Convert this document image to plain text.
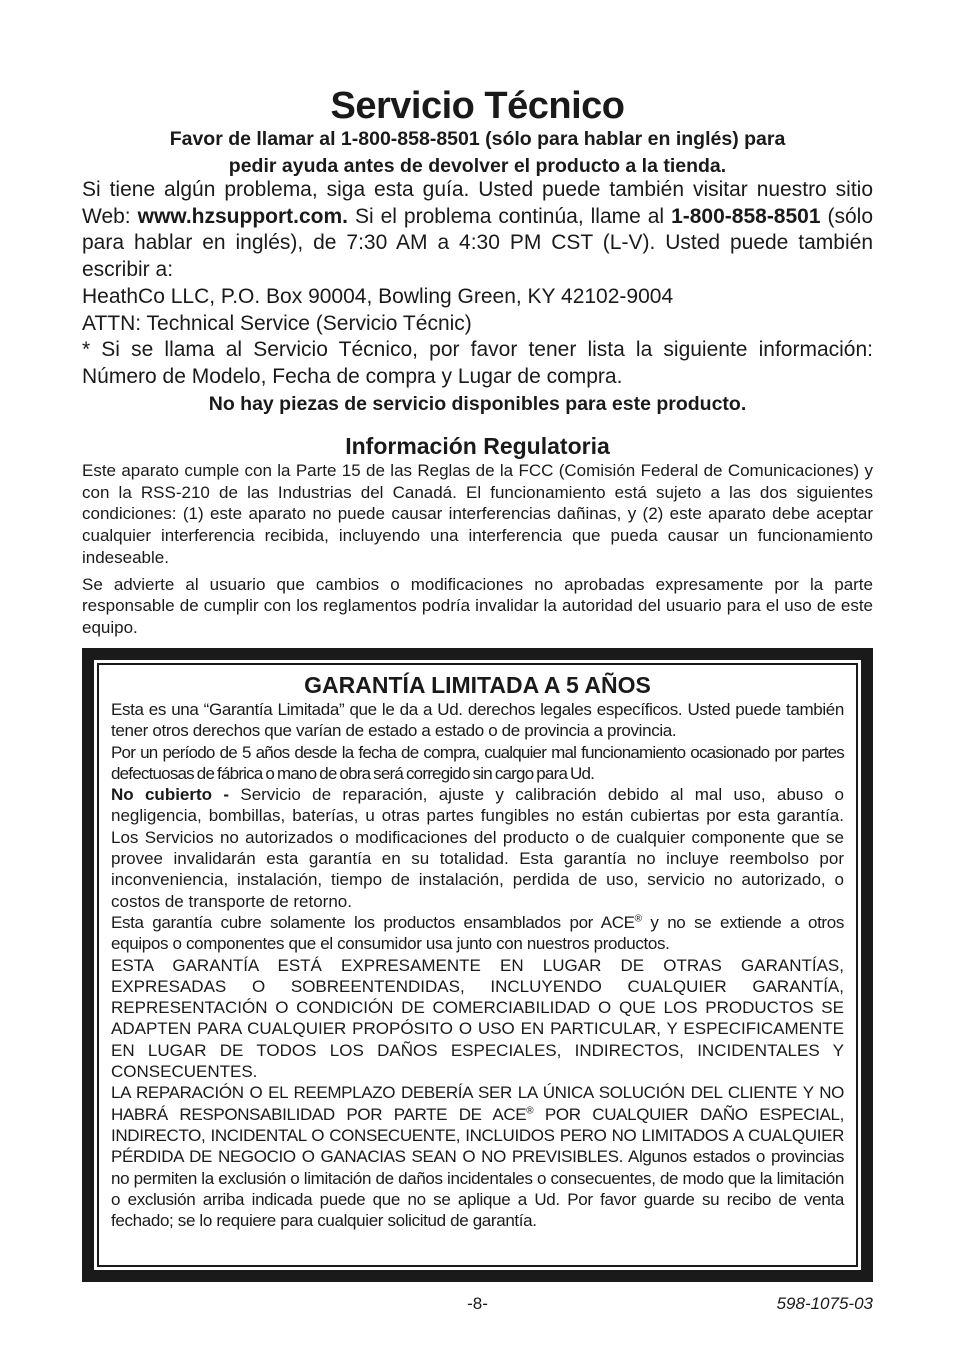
Servicio Técnico
Favor de llamar al 1-800-858-8501 (sólo para hablar en inglés) para
pedir ayuda antes de devolver el producto a la tienda.

Si tiene algún problema, siga esta guía. Usted puede también visitar nuestro sitio Web: www.hzsupport.com. Si el problema continúa, llame al 1-800-858-8501 (sólo para hablar en inglés), de 7:30 AM a 4:30 PM CST (L-V). Usted puede también escribir a:

HeathCo LLC, P.O. Box 90004, Bowling Green, KY 42102-9004

ATTN: Technical Service (Servicio Técnic)

* Si se llama al Servicio Técnico, por favor tener lista la siguiente información: Número de Modelo, Fecha de compra y Lugar de compra.

No hay piezas de servicio disponibles para este producto.
Información Regulatoria

Este aparato cumple con la Parte 15 de las Reglas de la FCC (Comisión Federal de Comunicaciones) y con la RSS-210 de las Industrias del Canadá. El funcionamiento está sujeto a las dos siguientes condiciones: (1) este aparato no puede causar interferencias dañinas, y (2) este aparato debe aceptar cualquier interferencia recibida, incluyendo una interferencia que pueda causar un funcionamiento indeseable.

Se advierte al usuario que cambios o modificaciones no aprobadas expresamente por la parte responsable de cumplir con los reglamentos podría invalidar la autoridad del usuario para el uso de este equipo.

GARANTÍA LIMITADA A 5 AÑOS

Esta es una “Garantía Limitada” que le da a Ud. derechos legales específicos. Usted puede también tener otros derechos que varían de estado a estado o de provincia a provincia.

Por un período de 5 años desde la fecha de compra, cualquier mal funcionamiento ocasionado por partes defectuosas de fábrica o mano de obra será corregido sin cargo para Ud.

No cubierto - Servicio de reparación, ajuste y calibración debido al mal uso, abuso o negligencia, bombillas, baterías, u otras partes fungibles no están cubiertas por esta garantía. Los Servicios no autorizados o modificaciones del producto o de cualquier componente que se provee invalidarán esta garantía en su totalidad. Esta garantía no incluye reembolso por inconveniencia, instalación, tiempo de instalación, perdida de uso, servicio no autorizado, o costos de transporte de retorno.

Esta garantía cubre solamente los productos ensamblados por ACE® y no se extiende a otros equipos o componentes que el consumidor usa junto con nuestros productos.

ESTA GARANTÍA ESTÁ EXPRESAMENTE EN LUGAR DE OTRAS GARANTÍAS, EXPRESADAS O SOBREENTENDIDAS, INCLUYENDO CUALQUIER GARANTÍA, REPRESENTACIÓN O CONDICIÓN DE COMERCIABILIDAD O QUE LOS PRODUCTOS SE ADAPTEN PARA CUALQUIER PROPÓSITO O USO EN PARTICULAR, Y ESPECIFICAMENTE EN LUGAR DE TODOS LOS DAÑOS ESPECIALES, INDIRECTOS, INCIDENTALES Y CONSECUENTES.

LA REPARACIÓN O EL REEMPLAZO DEBERÍA SER LA ÚNICA SOLUCIÓN DEL CLIENTE Y NO HABRÁ RESPONSABILIDAD POR PARTE DE ACE® POR CUALQUIER DAÑO ESPECIAL, INDIRECTO, INCIDENTAL O CONSECUENTE, INCLUIDOS PERO NO LIMITADOS A CUALQUIER PÉRDIDA DE NEGOCIO O GANACIAS SEAN O NO PREVISIBLES. Algunos estados o provincias no permiten la exclusión o limitación de daños incidentales o consecuentes, de modo que la limitación o exclusión arriba indicada puede que no se aplique a Ud. Por favor guarde su recibo de venta fechado; se lo requiere para cualquier solicitud de garantía.

-8-	598-1075-03
